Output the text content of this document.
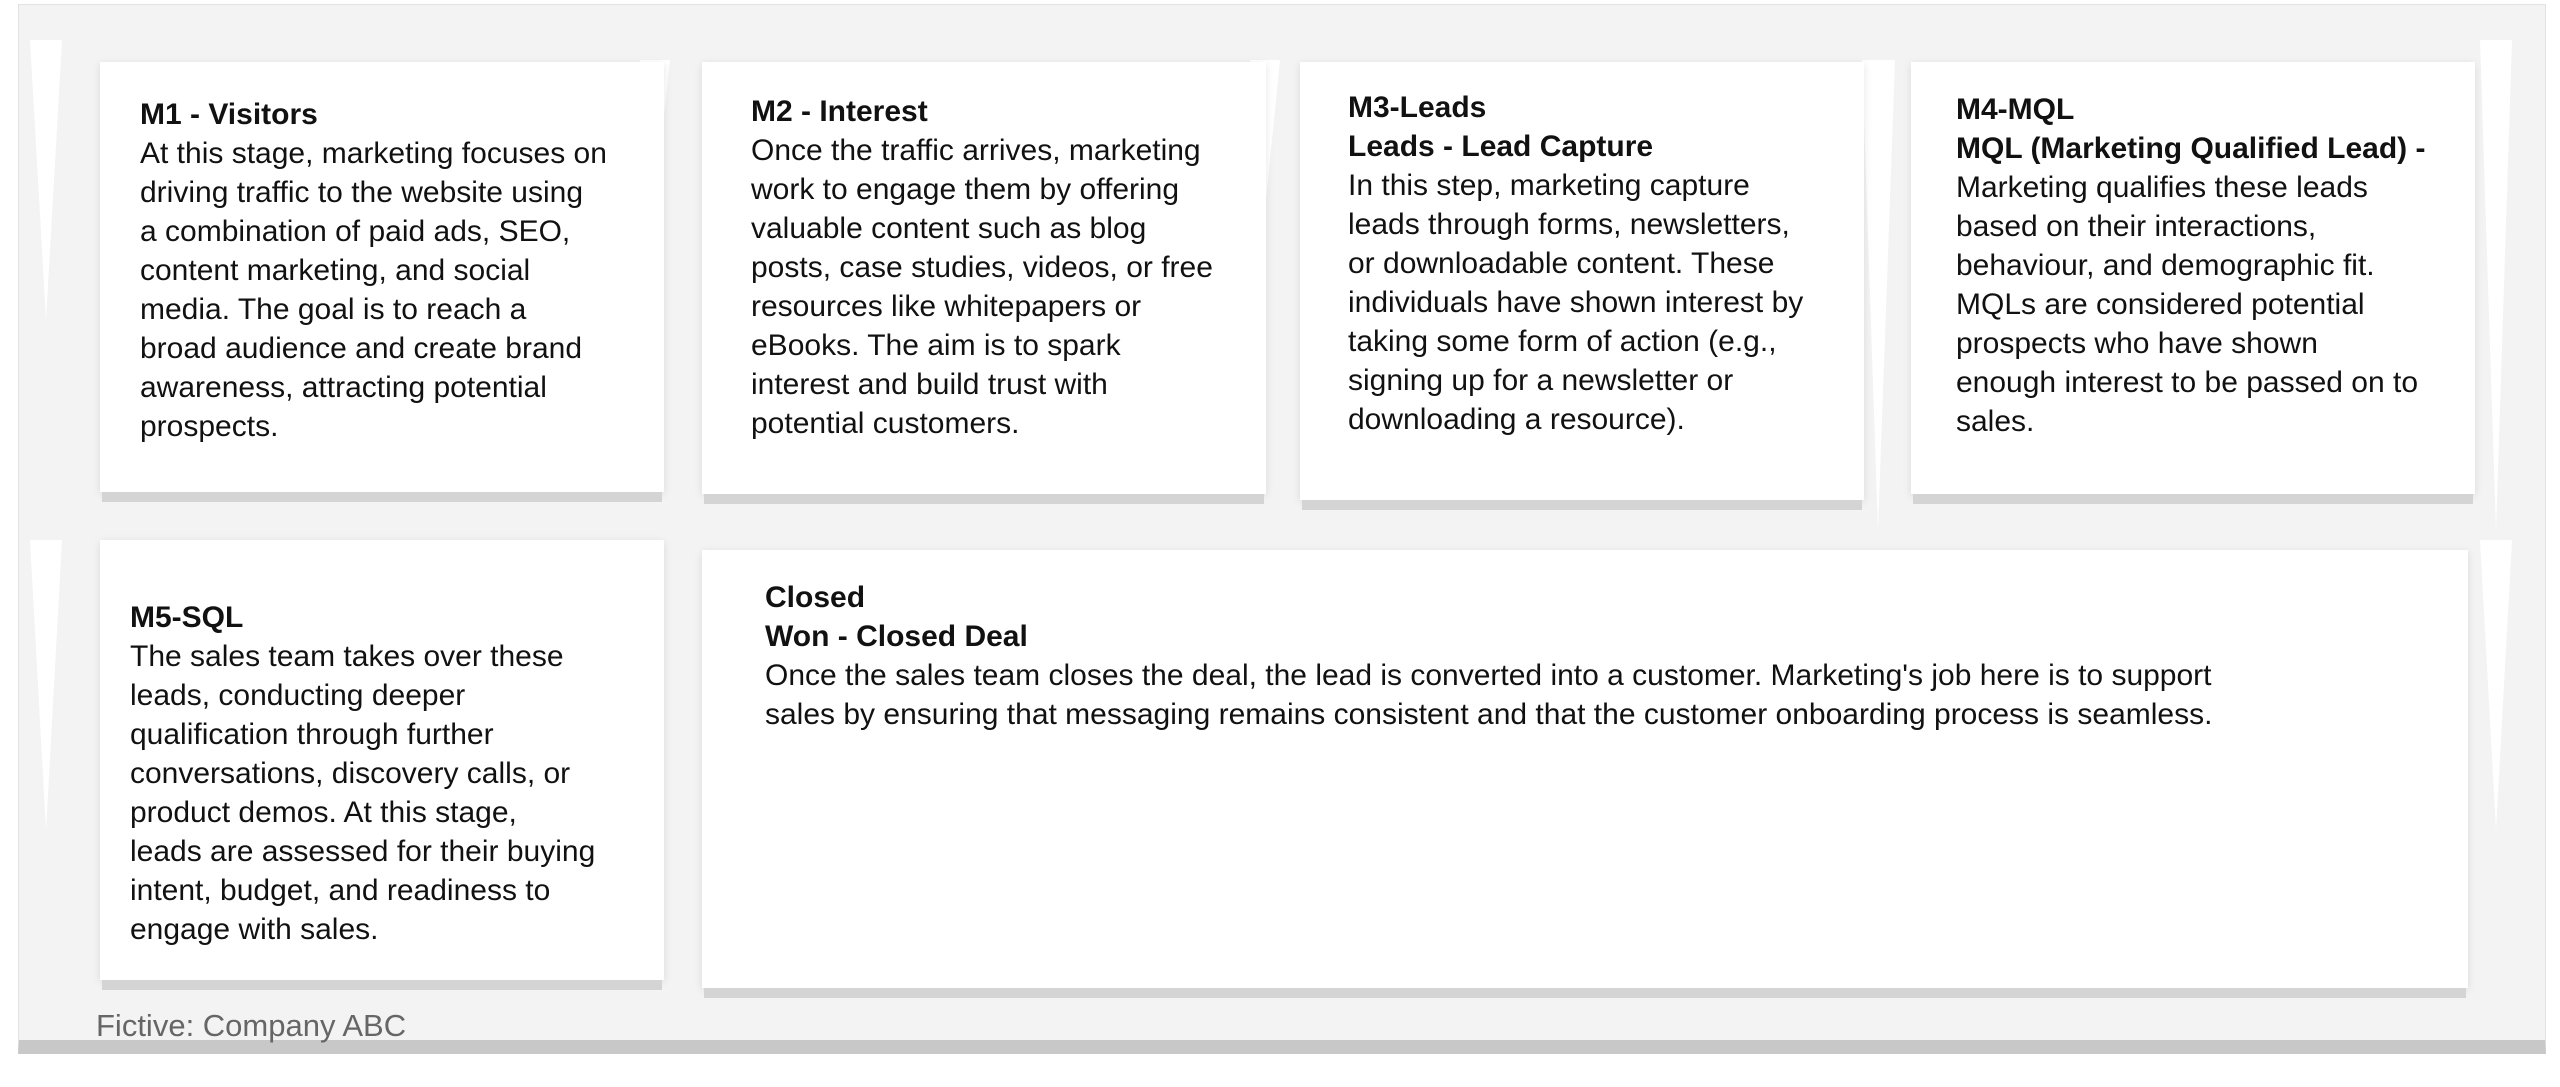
M1 - Visitors
At this stage, marketing focuses on
driving traffic to the website using
a combination of paid ads, SEO,
content marketing, and social
media. The goal is to reach a
broad audience and create brand
awareness, attracting potential
prospects.
M2 - Interest
Once the traffic arrives, marketing
work to engage them by offering
valuable content such as blog
posts, case studies, videos, or free
resources like whitepapers or
eBooks. The aim is to spark
interest and build trust with
potential customers.
M3-Leads
Leads - Lead Capture
In this step, marketing capture
leads through forms, newsletters,
or downloadable content. These
individuals have shown interest by
taking some form of action (e.g.,
signing up for a newsletter or
downloading a resource).
M4-MQL
MQL (Marketing Qualified Lead) -
Marketing qualifies these leads
based on their interactions,
behaviour, and demographic fit.
MQLs are considered potential
prospects who have shown
enough interest to be passed on to
sales.
M5-SQL
The sales team takes over these
leads, conducting deeper
qualification through further
conversations, discovery calls, or
product demos. At this stage,
leads are assessed for their buying
intent, budget, and readiness to
engage with sales.
Closed
Won - Closed Deal
Once the sales team closes the deal, the lead is converted into a customer. Marketing's job here is to support
sales by ensuring that messaging remains consistent and that the customer onboarding process is seamless.
Fictive: Company ABC
